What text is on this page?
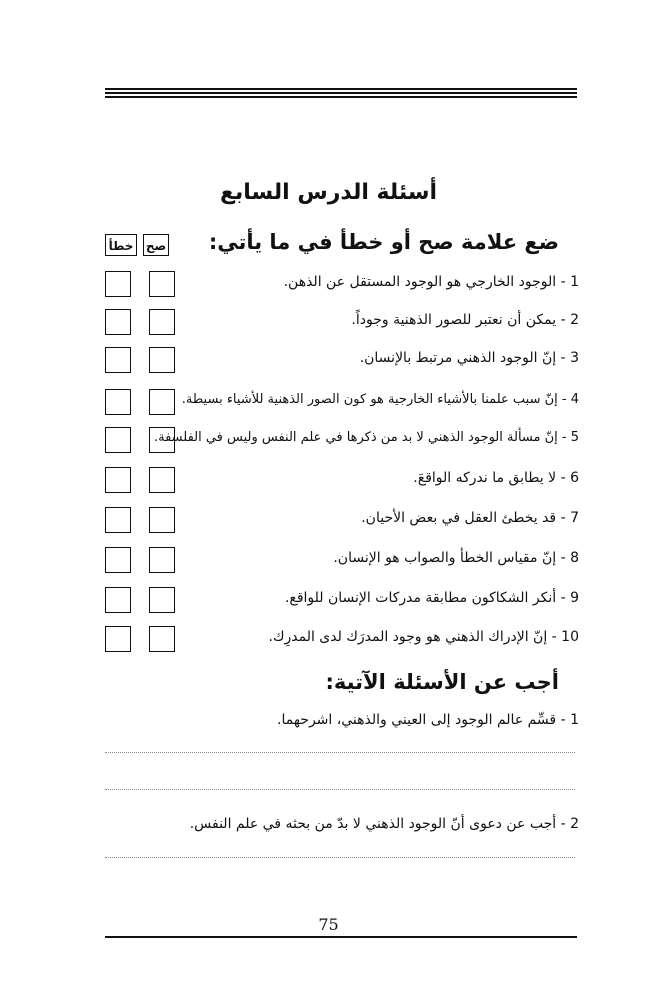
أسئلة الدرس السابع
ضع علامة صح أو خطأ في ما يأتي:
صح
خطأ
1 - الوجود الخارجي هو الوجود المستقل عن الذهن.
2 - يمكن أن نعتبر للصور الذهنية وجوداً.
3 - إنّ الوجود الذهني مرتبط بالإنسان.
4 - إنّ سبب علمنا بالأشياء الخارجية هو كون الصور الذهنية للأشياء بسيطة.
5 - إنّ مسألة الوجود الذهني لا بد من ذكرها في علم النفس وليس في الفلسفة.
6 - لا يطابق ما ندركه الواقعَ.
7 - قد يخطئ العقل في بعض الأحيان.
8 - إنّ مقياس الخطأ والصواب هو الإنسان.
9 - أنكر الشكاكون مطابقة مدركات الإنسان للواقع.
10 - إنّ الإدراك الذهني هو وجود المدرَك لدى المدرِك.
أجب عن الأسئلة الآتية:
1 - قسِّم عالم الوجود إلى العيني والذهني، اشرحهما.
2 - أجب عن دعوى أنّ الوجود الذهني لا بدّ من بحثه في علم النفس.
75
